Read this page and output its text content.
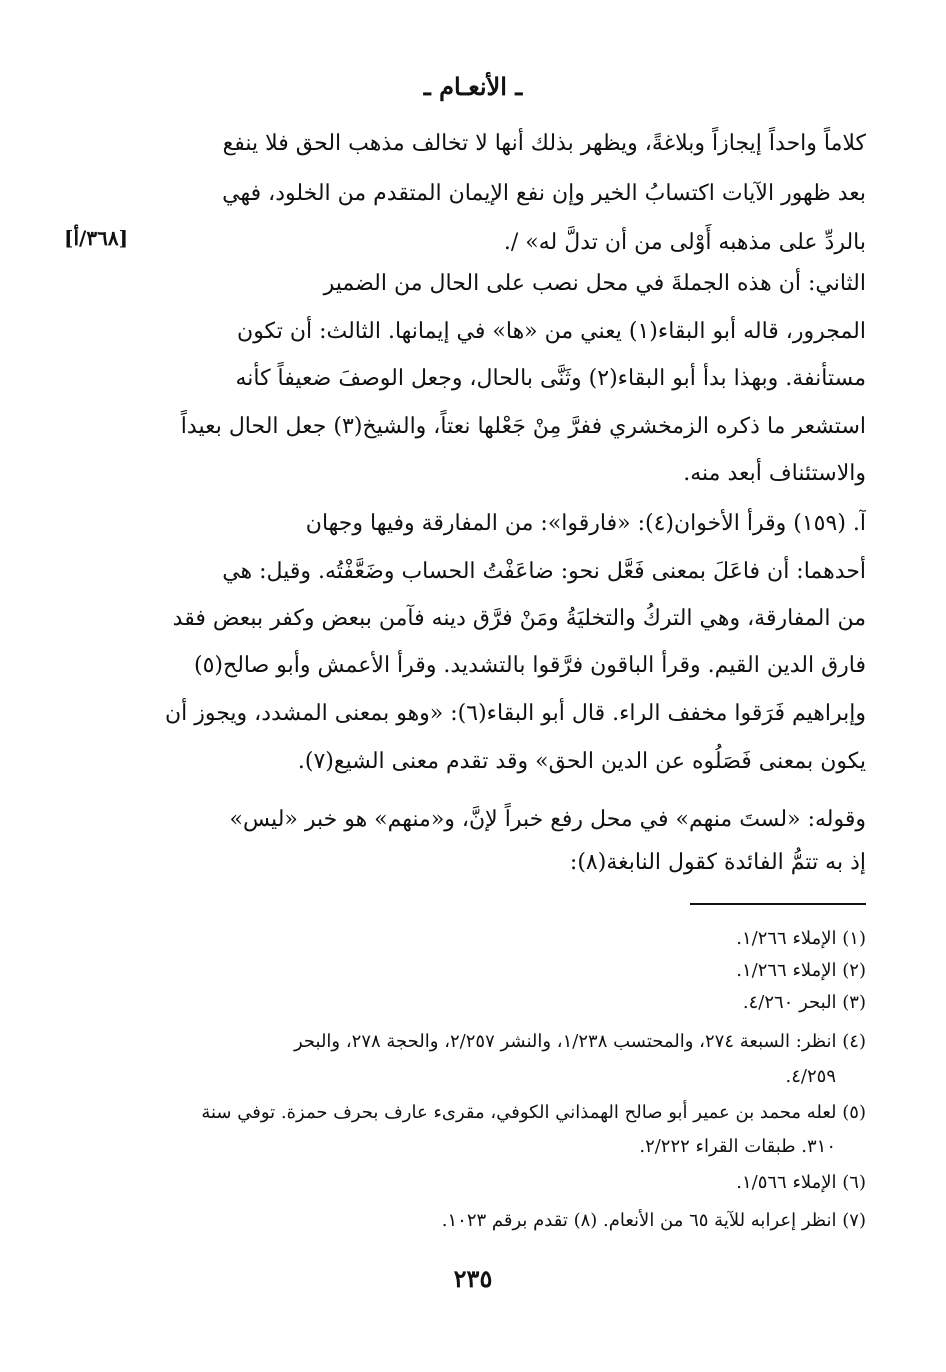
ـ الأنعـام ـ
[٣٦٨/أ]
كلاماً واحداً إيجازاً وبلاغةً، ويظهر بذلك أنها لا تخالف مذهب الحق فلا ينفع
بعد ظهور الآيات اكتسابُ الخير وإن نفع الإيمان المتقدم من الخلود، فهي
بالردِّ على مذهبه أَوْلى من أن تدلَّ له» /.
الثاني: أن هذه الجملةَ في محل نصب على الحال من الضمير
المجرور، قاله أبو البقاء(١) يعني من «ها» في إيمانها. الثالث: أن تكون
مستأنفة. وبهذا بدأ أبو البقاء(٢) وثَنَّى بالحال، وجعل الوصفَ ضعيفاً كأنه
استشعر ما ذكره الزمخشري ففرَّ مِنْ جَعْلها نعتاً، والشيخ(٣) جعل الحال بعيداً
والاستئناف أبعد منه.
آ. (١٥٩) وقرأ الأخوان(٤): «فارقوا»: من المفارقة وفيها وجهان
أحدهما: أن فاعَلَ بمعنى فَعَّل نحو: ضاعَفْتُ الحساب وضَعَّفْتُه. وقيل: هي
من المفارقة، وهي التركُ والتخليَةُ ومَنْ فرَّق دينه فآمن ببعض وكفر ببعض فقد
فارق الدين القيم. وقرأ الباقون فرَّقوا بالتشديد. وقرأ الأعمش وأبو صالح(٥)
وإبراهيم فَرَقوا مخفف الراء. قال أبو البقاء(٦): «وهو بمعنى المشدد، ويجوز أن
يكون بمعنى فَصَلُوه عن الدين الحق» وقد تقدم معنى الشيع(٧).
وقوله: «لستَ منهم» في محل رفع خبراً لإنَّ، و«منهم» هو خبر «ليس»
إذ به تتمُّ الفائدة كقول النابغة(٨):
(١) الإملاء ١/٢٦٦.
(٢) الإملاء ١/٢٦٦.
(٣) البحر ٤/٢٦٠.
(٤) انظر: السبعة ٢٧٤، والمحتسب ١/٢٣٨، والنشر ٢/٢٥٧، والحجة ٢٧٨، والبحر
٤/٢٥٩.
(٥) لعله محمد بن عمير أبو صالح الهمذاني الكوفي، مقرىء عارف بحرف حمزة. توفي سنة
٣١٠. طبقات القراء ٢/٢٢٢.
(٦) الإملاء ١/٥٦٦.
(٧) انظر إعرابه للآية ٦٥ من الأنعام. (٨) تقدم برقم ١٠٢٣.
٢٣٥
